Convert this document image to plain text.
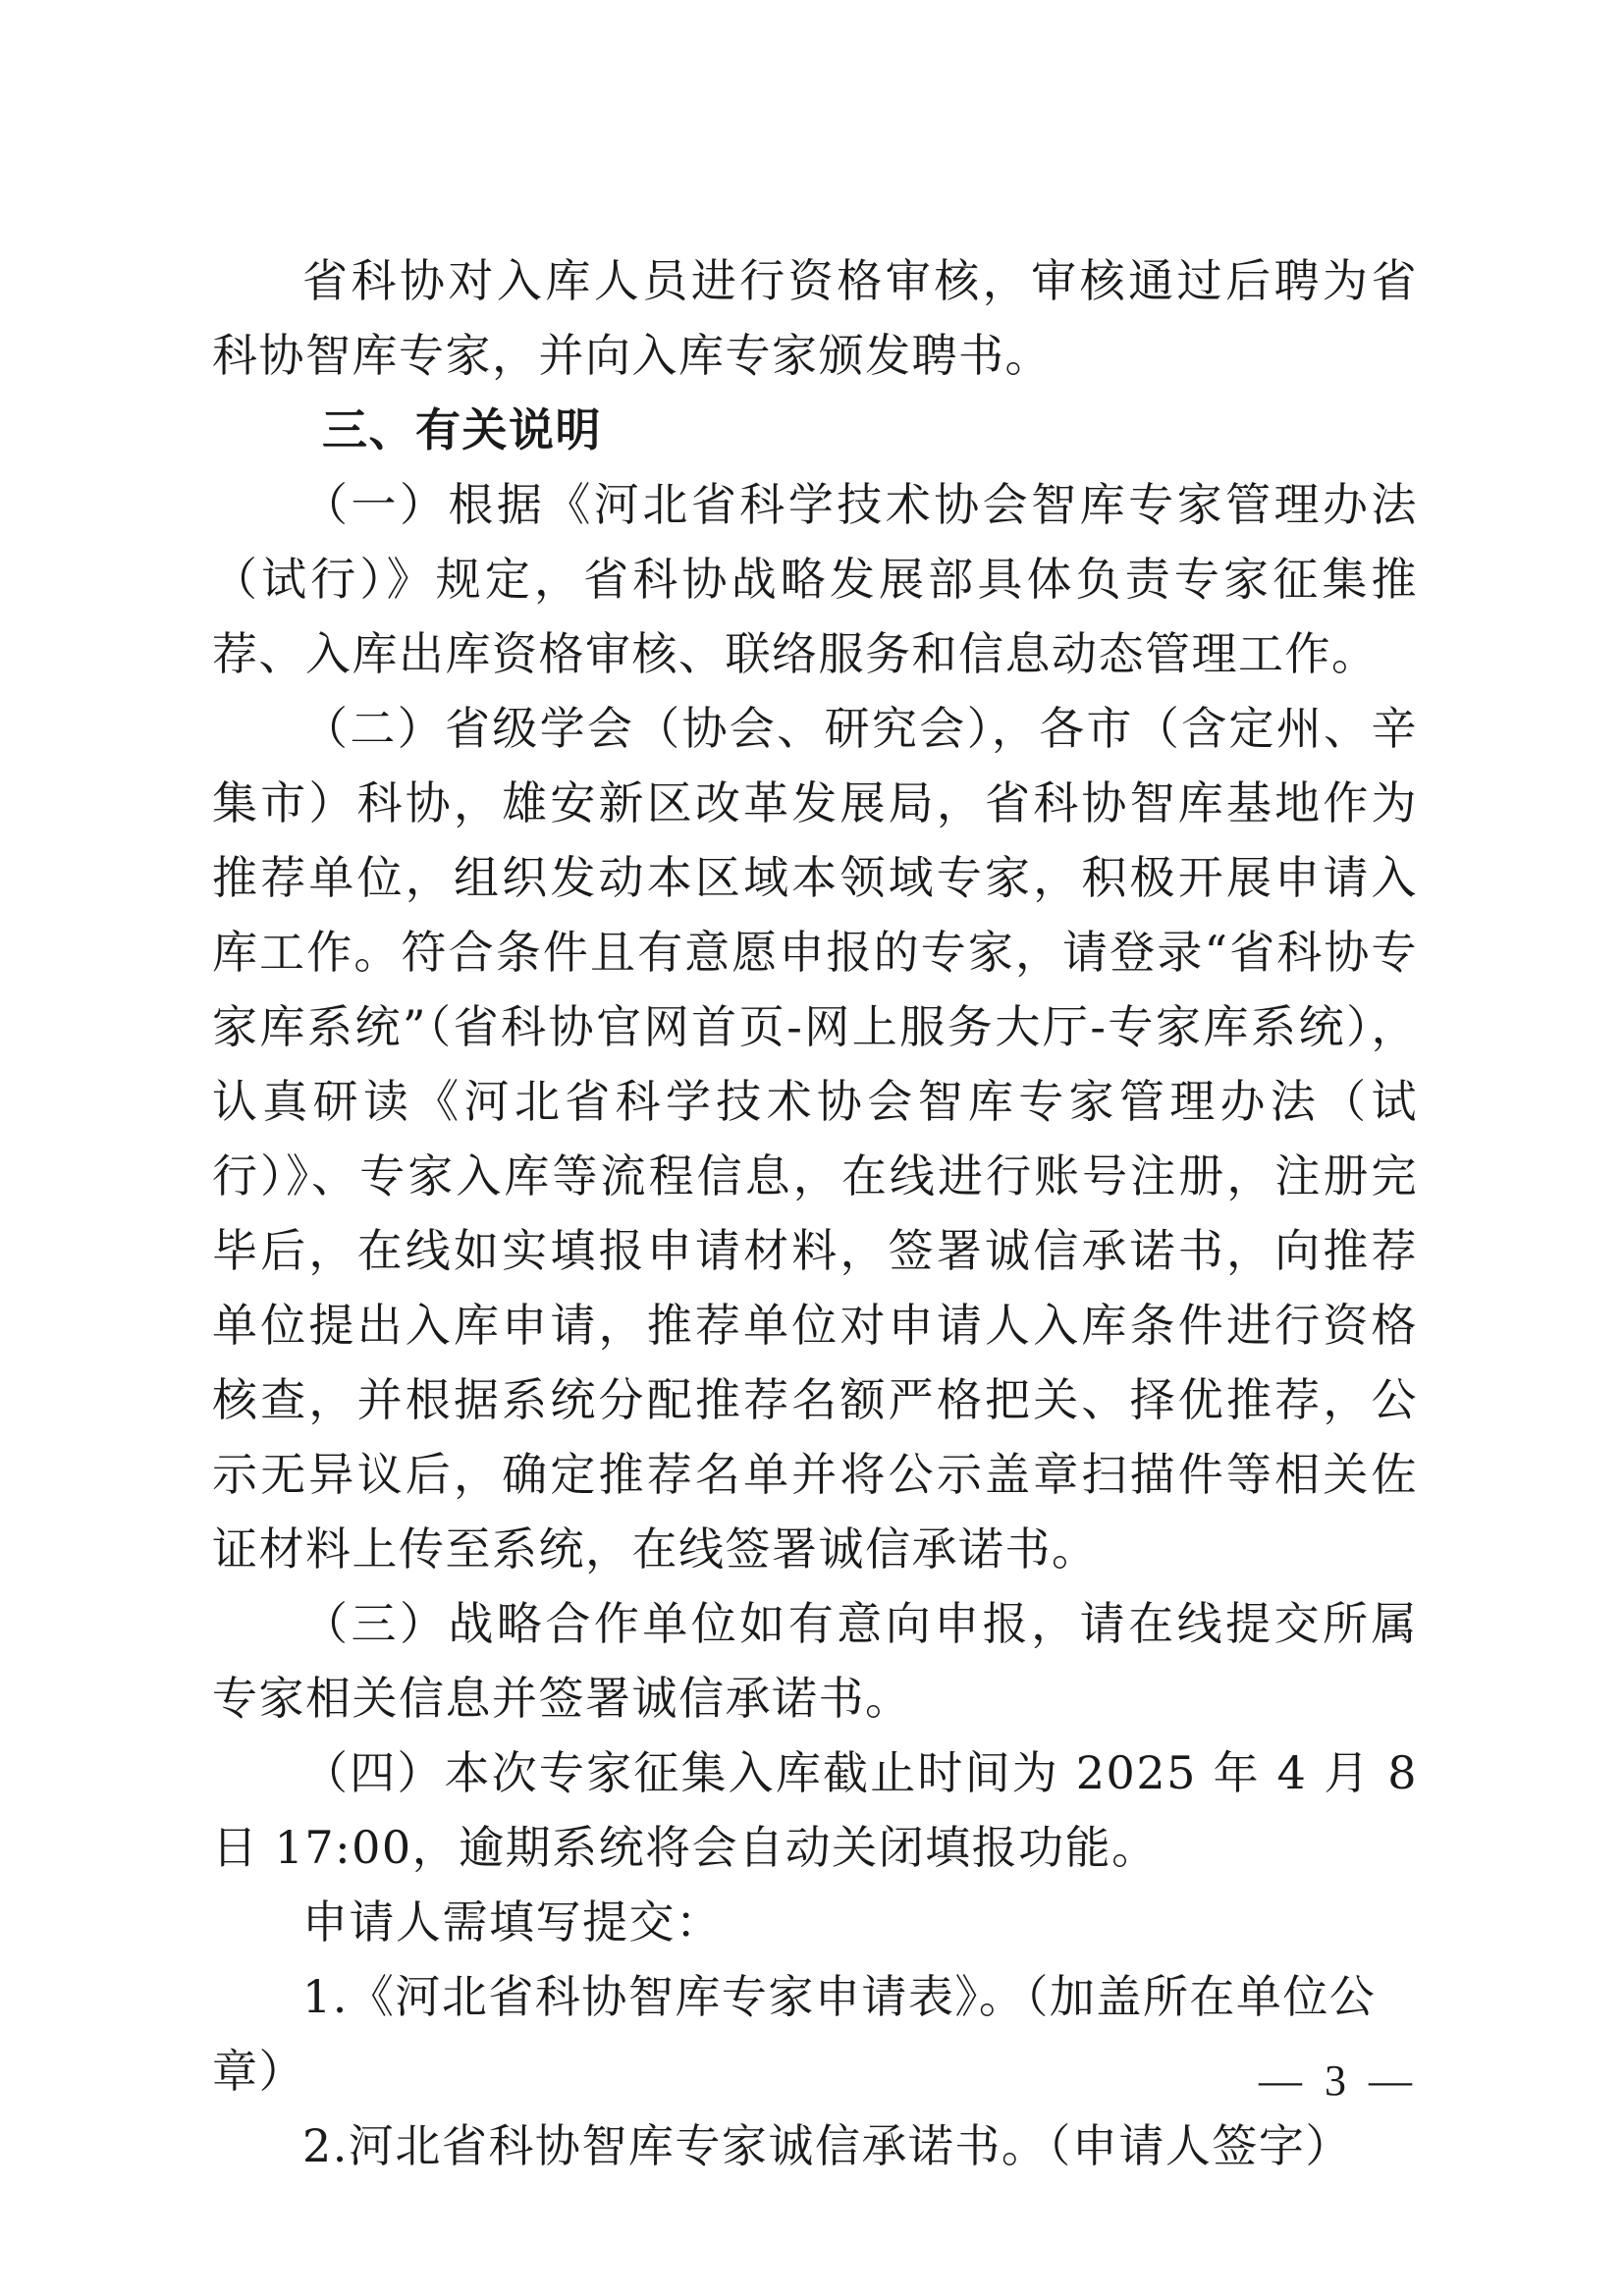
省科协对入库人员进行资格审核，审核通过后聘为省科协智库专家，并向入库专家颁发聘书。

三、有关说明

（一）根据《河北省科学技术协会智库专家管理办法（试行）》规定，省科协战略发展部具体负责专家征集推荐、入库出库资格审核、联络服务和信息动态管理工作。

（二）省级学会（协会、研究会），各市（含定州、辛集市）科协，雄安新区改革发展局，省科协智库基地作为推荐单位，组织发动本区域本领域专家，积极开展申请入库工作。符合条件且有意愿申报的专家，请登录“省科协专家库系统”（省科协官网首页-网上服务大厅-专家库系统），认真研读《河北省科学技术协会智库专家管理办法（试行）》、专家入库等流程信息，在线进行账号注册，注册完毕后，在线如实填报申请材料，签署诚信承诺书，向推荐单位提出入库申请，推荐单位对申请人入库条件进行资格核查，并根据系统分配推荐名额严格把关、择优推荐，公示无异议后，确定推荐名单并将公示盖章扫描件等相关佐证材料上传至系统，在线签署诚信承诺书。

（三）战略合作单位如有意向申报，请在线提交所属专家相关信息并签署诚信承诺书。

（四）本次专家征集入库截止时间为 2025 年 4 月 8 日 17:00，逾期系统将会自动关闭填报功能。

申请人需填写提交：

1.《河北省科协智库专家申请表》。（加盖所在单位公章）

2.河北省科协智库专家诚信承诺书。（申请人签字）

— 3 —
